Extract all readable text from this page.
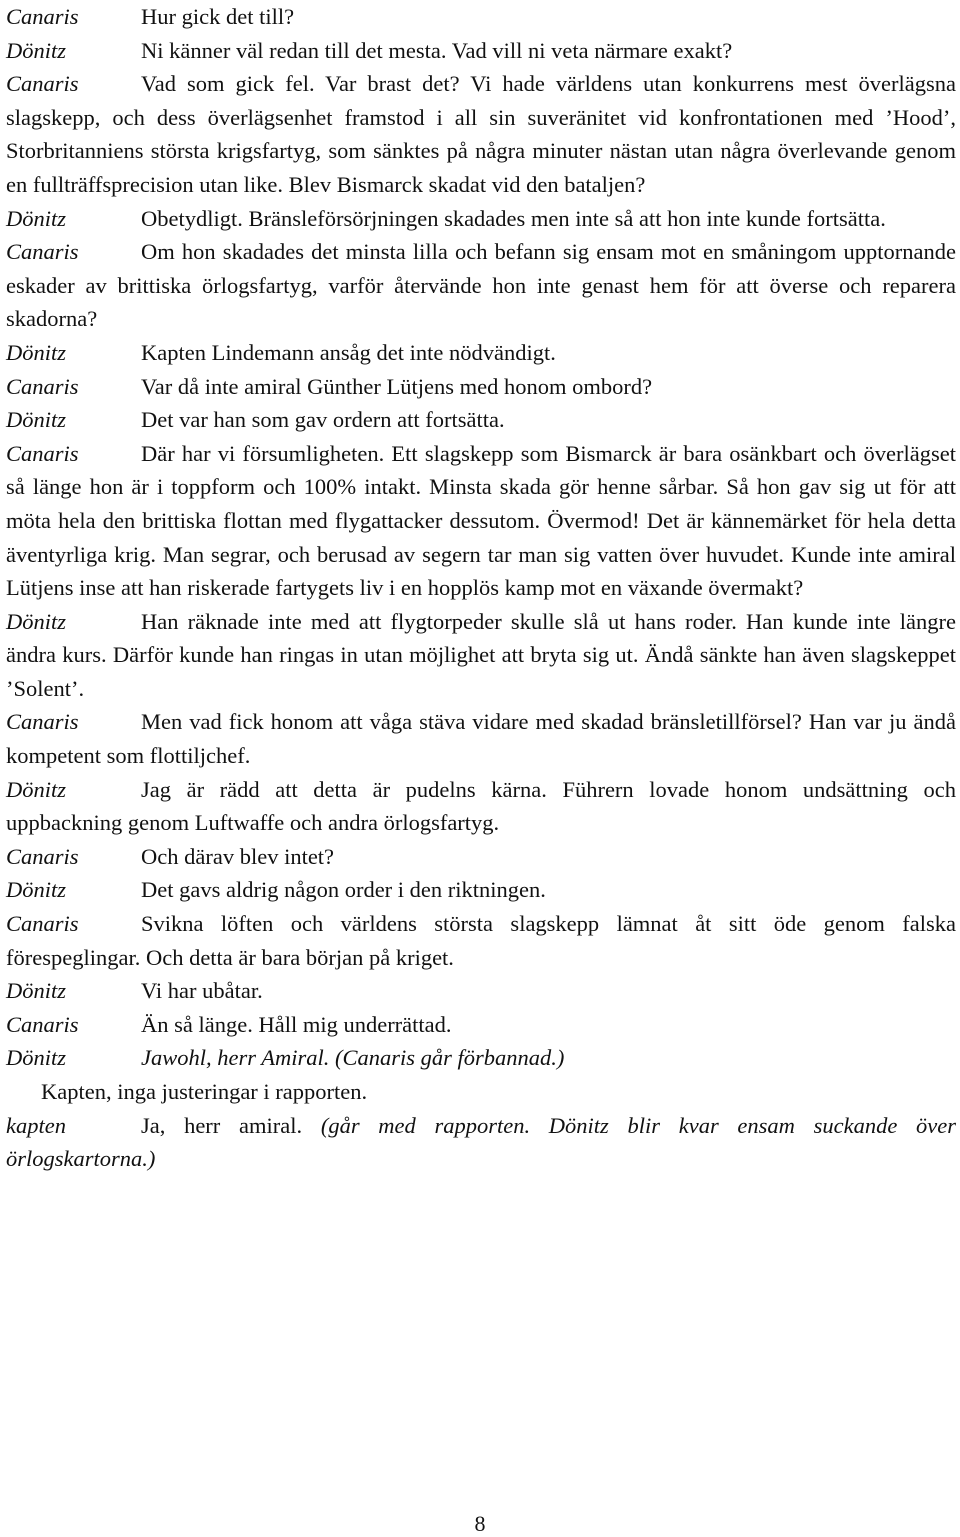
Canaris	Hur gick det till?

Dönitz	Ni känner väl redan till det mesta. Vad vill ni veta närmare exakt?

Canaris	Vad som gick fel. Var brast det? Vi hade världens utan konkurrens mest överlägsna slagskepp, och dess överlägsenhet framstod i all sin suveränitet vid konfrontationen med ’Hood’, Storbritanniens största krigsfartyg, som sänktes på några minuter nästan utan några överlevande genom en fullträffsprecision utan like. Blev Bismarck skadat vid den bataljen?

Dönitz	Obetydligt. Bränsleförsörjningen skadades men inte så att hon inte kunde fortsätta.

Canaris	Om hon skadades det minsta lilla och befann sig ensam mot en småningom upptornande eskader av brittiska örlogsfartyg, varför återvände hon inte genast hem för att överse och reparera skadorna?

Dönitz	Kapten Lindemann ansåg det inte nödvändigt.

Canaris	Var då inte amiral Günther Lütjens med honom ombord?

Dönitz	Det var han som gav ordern att fortsätta.

Canaris	Där har vi försumligheten. Ett slagskepp som Bismarck är bara osänkbart och överlägset så länge hon är i toppform och 100% intakt. Minsta skada gör henne sårbar. Så hon gav sig ut för att möta hela den brittiska flottan med flygattacker dessutom. Övermod! Det är kännemärket för hela detta äventyrliga krig. Man segrar, och berusad av segern tar man sig vatten över huvudet. Kunde inte amiral Lütjens inse att han riskerade fartygets liv i en hopplös kamp mot en växande övermakt?

Dönitz	Han räknade inte med att flygtorpeder skulle slå ut hans roder. Han kunde inte längre ändra kurs. Därför kunde han ringas in utan möjlighet att bryta sig ut. Ändå sänkte han även slagskeppet ’Solent’.

Canaris	Men vad fick honom att våga stäva vidare med skadad bränsletillförsel? Han var ju ändå kompetent som flottiljchef.

Dönitz	Jag är rädd att detta är pudelns kärna. Führern lovade honom undsättning och uppbackning genom Luftwaffe och andra örlogsfartyg.

Canaris	Och därav blev intet?

Dönitz	Det gavs aldrig någon order i den riktningen.

Canaris	Svikna löften och världens största slagskepp lämnat åt sitt öde genom falska förespeglingar. Och detta är bara början på kriget.

Dönitz	Vi har ubåtar.

Canaris	Än så länge. Håll mig underrättad.

Dönitz	Jawohl, herr Amiral. (Canaris går förbannad.)

Kapten, inga justeringar i rapporten.

kapten	Ja, herr amiral. (går med rapporten. Dönitz blir kvar ensam suckande över örlogskartorna.)

8
